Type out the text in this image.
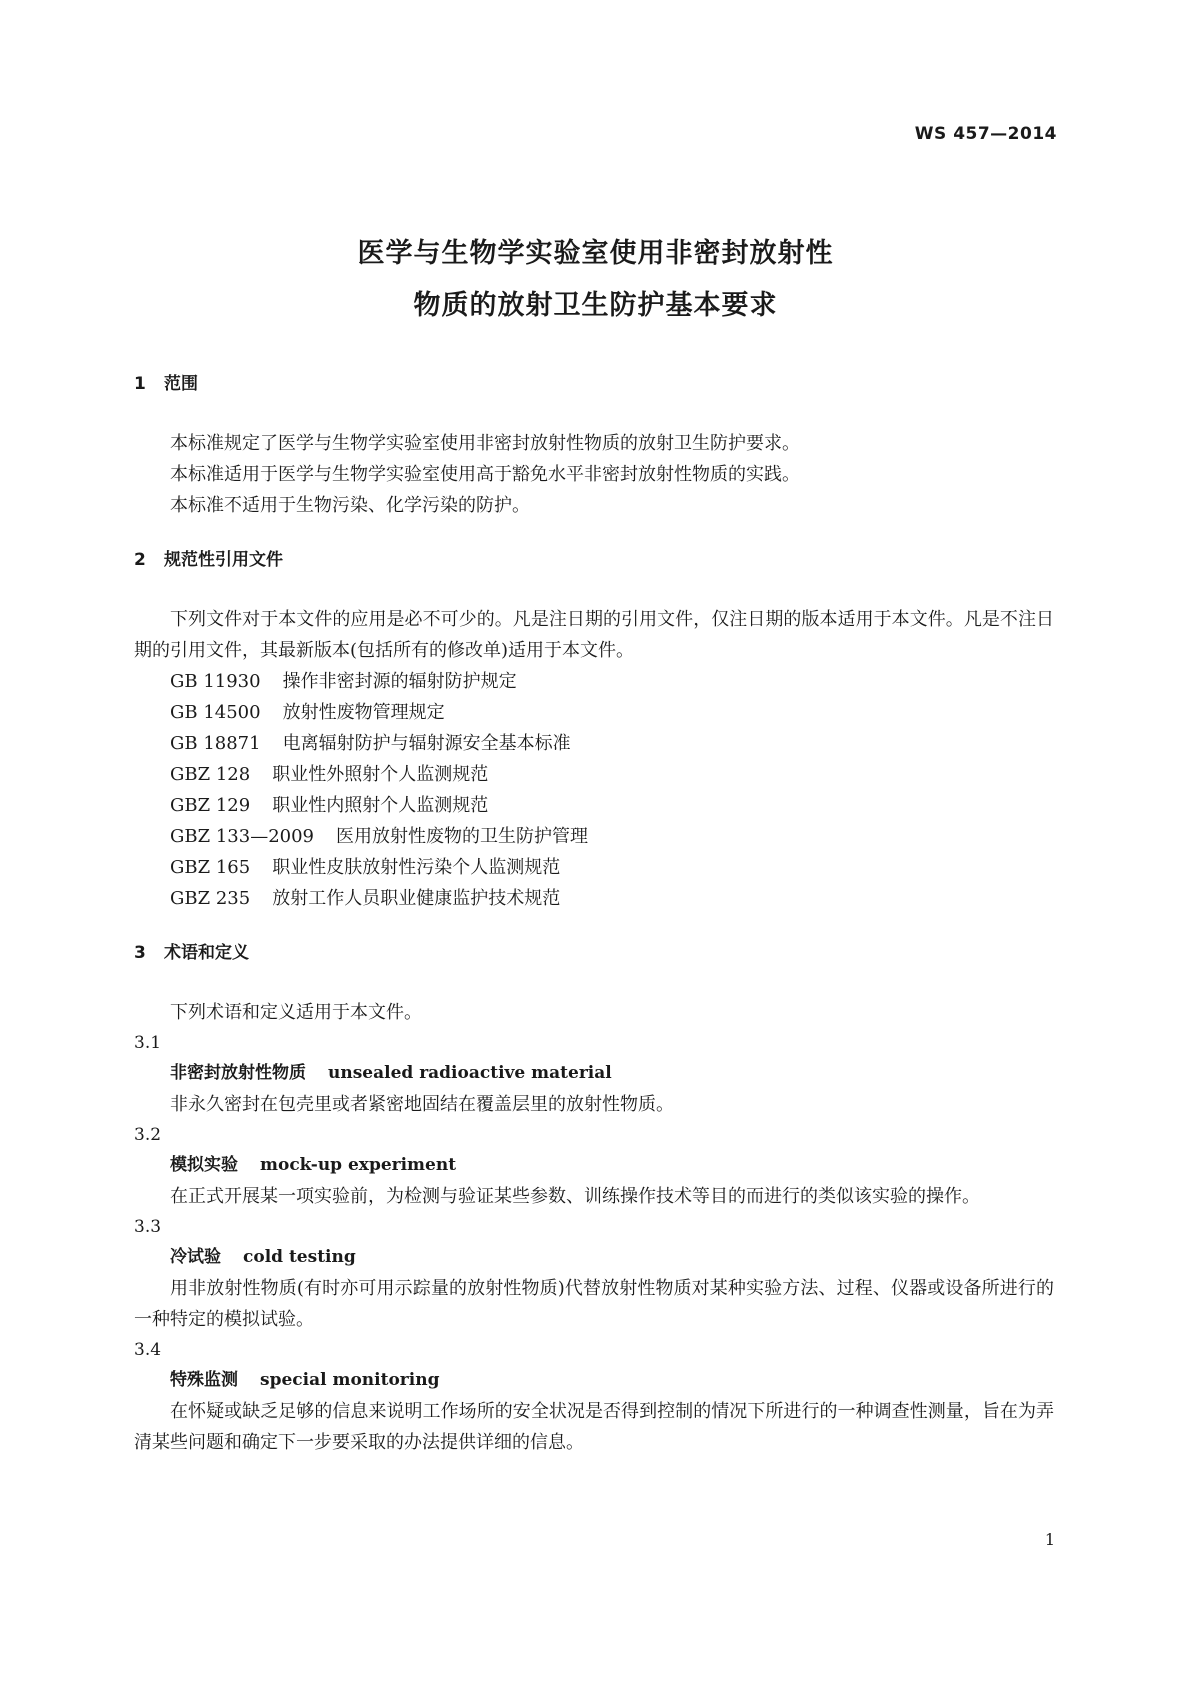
WS 457—2014
医学与生物学实验室使用非密封放射性
物质的放射卫生防护基本要求
1 范围

本标准规定了医学与生物学实验室使用非密封放射性物质的放射卫生防护要求。

本标准适用于医学与生物学实验室使用高于豁免水平非密封放射性物质的实践。

本标准不适用于生物污染、化学污染的防护。

2 规范性引用文件

下列文件对于本文件的应用是必不可少的。凡是注日期的引用文件，仅注日期的版本适用于本文件。凡是不注日期的引用文件，其最新版本(包括所有的修改单)适用于本文件。

GB 11930 操作非密封源的辐射防护规定
GB 14500 放射性废物管理规定
GB 18871 电离辐射防护与辐射源安全基本标准
GBZ 128 职业性外照射个人监测规范
GBZ 129 职业性内照射个人监测规范
GBZ 133—2009 医用放射性废物的卫生防护管理
GBZ 165 职业性皮肤放射性污染个人监测规范
GBZ 235 放射工作人员职业健康监护技术规范
3 术语和定义

下列术语和定义适用于本文件。

3.1
非密封放射性物质 unsealed radioactive material

非永久密封在包壳里或者紧密地固结在覆盖层里的放射性物质。

3.2
模拟实验 mock-up experiment

在正式开展某一项实验前，为检测与验证某些参数、训练操作技术等目的而进行的类似该实验的操作。

3.3
冷试验 cold testing

用非放射性物质(有时亦可用示踪量的放射性物质)代替放射性物质对某种实验方法、过程、仪器或设备所进行的一种特定的模拟试验。

3.4
特殊监测 special monitoring

在怀疑或缺乏足够的信息来说明工作场所的安全状况是否得到控制的情况下所进行的一种调查性测量，旨在为弄清某些问题和确定下一步要采取的办法提供详细的信息。

1
